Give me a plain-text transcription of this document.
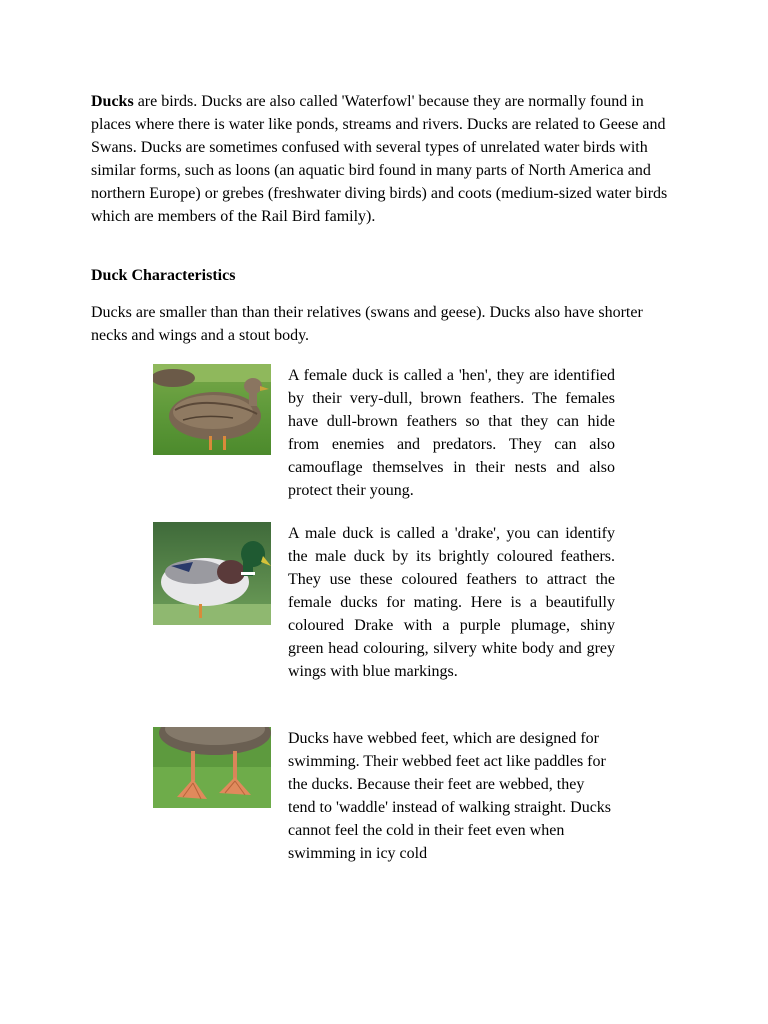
Ducks are birds. Ducks are also called 'Waterfowl' because they are normally found in places where there is water like ponds, streams and rivers. Ducks are related to Geese and Swans. Ducks are sometimes confused with several types of unrelated water birds with similar forms, such as loons (an aquatic bird found in many parts of North America and northern Europe) or grebes (freshwater diving birds) and coots (medium-sized water birds which are members of the Rail Bird family).

Duck Characteristics

Ducks are smaller than than their relatives (swans and geese). Ducks also have shorter necks and wings and a stout body.

A female duck is called a 'hen', they are identified by their very-dull, brown feathers. The females have dull-brown feathers so that they can hide from enemies and predators. They can also camouflage themselves in their nests and also protect their young.

A male duck is called a 'drake', you can identify the male duck by its brightly coloured feathers. They use these coloured feathers to attract the female ducks for mating. Here is a beautifully coloured Drake with a purple plumage, shiny green head colouring, silvery white body and grey wings with blue markings.

Ducks have webbed feet, which are designed for swimming. Their webbed feet act like paddles for the ducks. Because their feet are webbed, they tend to 'waddle' instead of walking straight. Ducks cannot feel the cold in their feet even when swimming in icy cold
